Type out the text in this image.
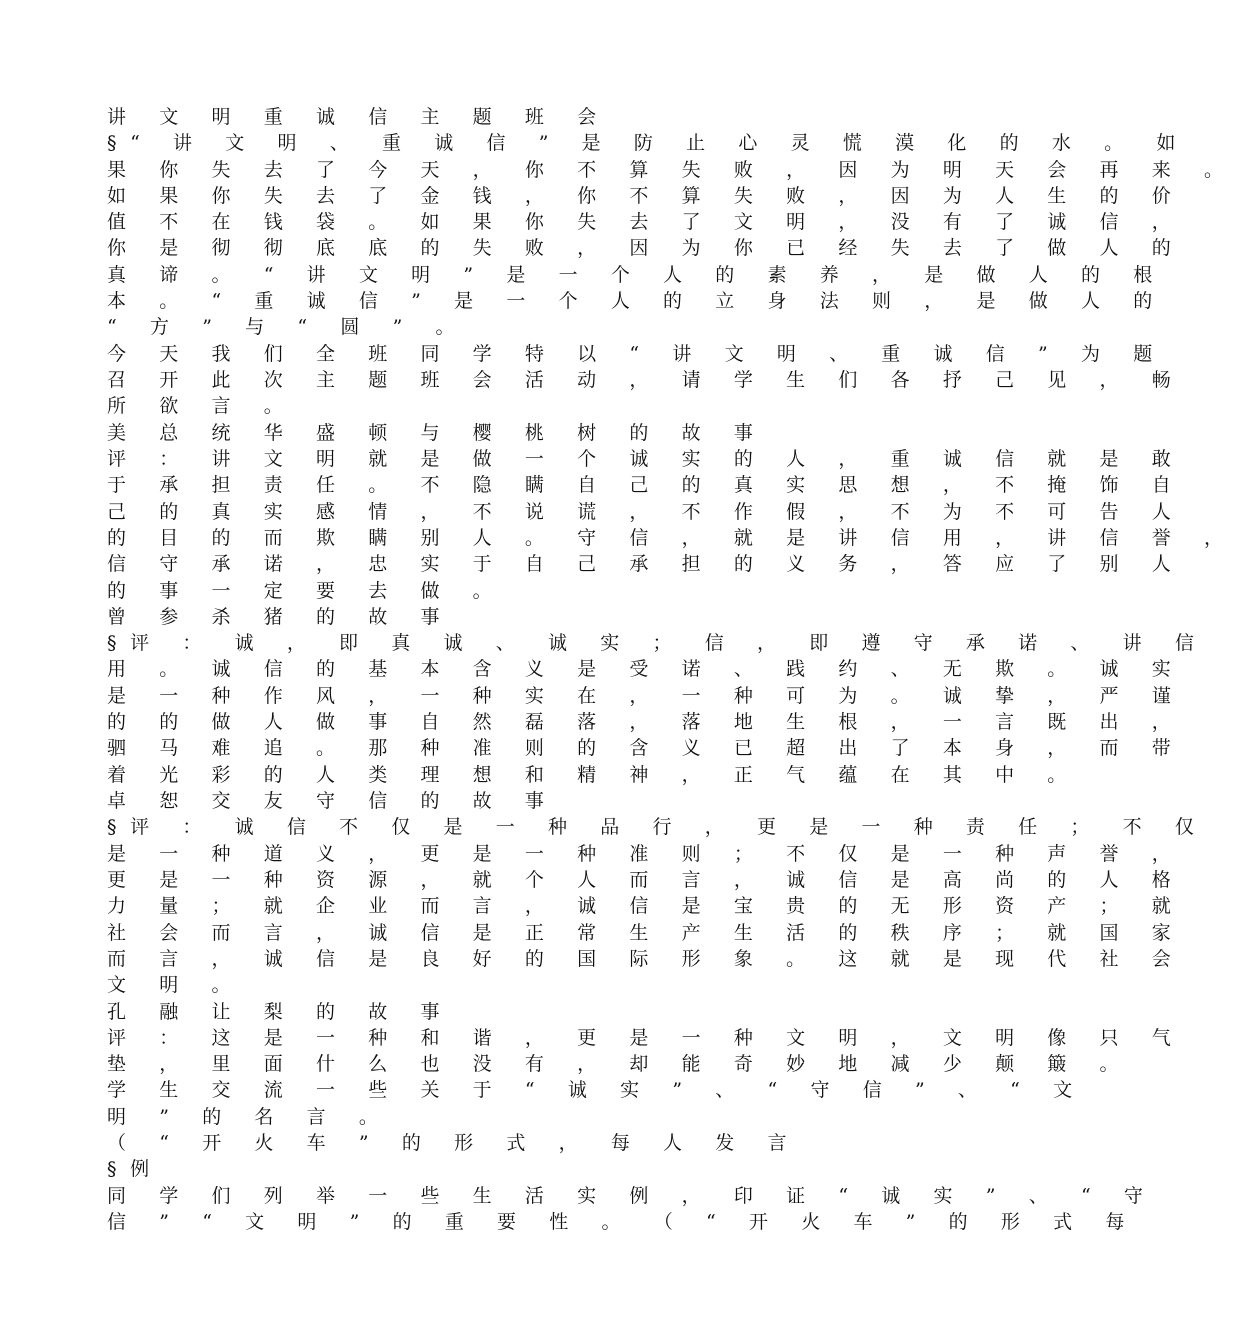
讲 文 明 重 诚 信 主 题 班 会
§“ 讲 文 明 、 重 诚 信 ” 是 防 止 心 灵 慌 漠 化 的 水 。 如
果 你 失 去 了 今 天 ， 你 不 算 失 败 ， 因 为 明 天 会 再 来 。
如 果 你 失 去 了 金 钱 ， 你 不 算 失 败 ， 因 为 人 生 的 价
值 不 在 钱 袋 。 如 果 你 失 去 了 文 明 ， 没 有 了 诚 信 ，
你 是 彻 彻 底 底 的 失 败 ， 因 为 你 已 经 失 去 了 做 人 的
真 谛 。 “ 讲 文 明 ” 是 一 个 人 的 素 养 ， 是 做 人 的 根
本 。 “ 重 诚 信 ” 是 一 个 人 的 立 身 法 则 ， 是 做 人 的
“ 方 ” 与 “ 圆 ” 。
今 天 我 们 全 班 同 学 特 以 “ 讲 文 明 、 重 诚 信 ” 为 题
召 开 此 次 主 题 班 会 活 动 ， 请 学 生 们 各 抒 己 见 ， 畅
所 欲 言 。
美 总 统 华 盛 顿 与 樱 桃 树 的 故 事
评 ： 讲 文 明 就 是 做 一 个 诚 实 的 人 ， 重 诚 信 就 是 敢
于 承 担 责 任 。 不 隐 瞒 自 己 的 真 实 思 想 ， 不 掩 饰 自
己 的 真 实 感 情 ， 不 说 谎 ， 不 作 假 ， 不 为 不 可 告 人
的 目 的 而 欺 瞒 别 人 。 守 信 ， 就 是 讲 信 用 ， 讲 信 誉 ，
信 守 承 诺 ， 忠 实 于 自 己 承 担 的 义 务 ， 答 应 了 别 人
的 事 一 定 要 去 做 。
曾 参 杀 猪 的 故 事
§评 ： 诚 ， 即 真 诚 、 诚 实 ； 信 ， 即 遵 守 承 诺 、 讲 信
用 。 诚 信 的 基 本 含 义 是 受 诺 、 践 约 、 无 欺 。 诚 实
是 一 种 作 风 ， 一 种 实 在 ， 一 种 可 为 。 诚 挚 ， 严 谨
的 的 做 人 做 事 自 然 磊 落 ， 落 地 生 根 ， 一 言 既 出 ，
驷 马 难 追 。 那 种 准 则 的 含 义 已 超 出 了 本 身 ， 而 带
着 光 彩 的 人 类 理 想 和 精 神 ， 正 气 蕴 在 其 中 。
卓 恕 交 友 守 信 的 故 事
§评 ： 诚 信 不 仅 是 一 种 品 行 ， 更 是 一 种 责 任 ； 不 仅
是 一 种 道 义 ， 更 是 一 种 准 则 ； 不 仅 是 一 种 声 誉 ，
更 是 一 种 资 源 ， 就 个 人 而 言 ， 诚 信 是 高 尚 的 人 格
力 量 ； 就 企 业 而 言 ， 诚 信 是 宝 贵 的 无 形 资 产 ； 就
社 会 而 言 ， 诚 信 是 正 常 生 产 生 活 的 秩 序 ； 就 国 家
而 言 ， 诚 信 是 良 好 的 国 际 形 象 。 这 就 是 现 代 社 会
文 明 。
孔 融 让 梨 的 故 事
评 ： 这 是 一 种 和 谐 ， 更 是 一 种 文 明 ， 文 明 像 只 气
垫 ， 里 面 什 么 也 没 有 ， 却 能 奇 妙 地 减 少 颠 簸 。
学 生 交 流 一 些 关 于 “ 诚 实 ” 、 “ 守 信 ” 、 “ 文
明 ” 的 名 言 。
（ “ 开 火 车 ” 的 形 式 ， 每 人 发 言
§例
同 学 们 列 举 一 些 生 活 实 例 ， 印 证 “ 诚 实 ” 、 “ 守
信 ” “ 文 明 ” 的 重 要 性 。 （ “ 开 火 车 ” 的 形 式 每
